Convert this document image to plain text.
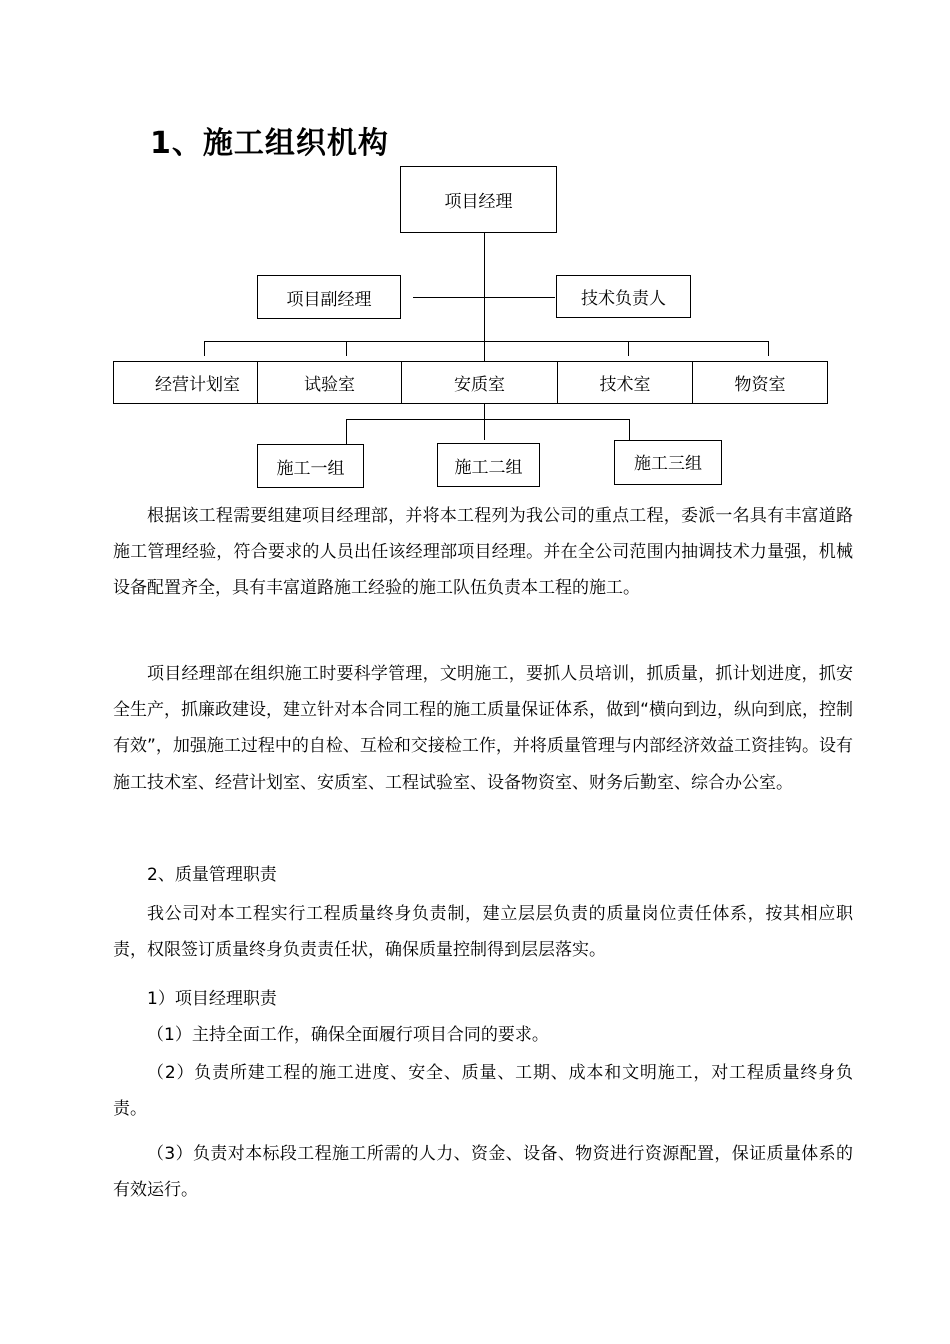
1、施工组织机构
项目经理
项目副经理	技术负责人
经营计划室	试验室	安质室	技术室	物资室
施工一组	施工二组	施工三组

根据该工程需要组建项目经理部，并将本工程列为我公司的重点工程，委派一名具有丰富道路施工管理经验，符合要求的人员出任该经理部项目经理。并在全公司范围内抽调技术力量强，机械设备配置齐全，具有丰富道路施工经验的施工队伍负责本工程的施工。

项目经理部在组织施工时要科学管理，文明施工，要抓人员培训，抓质量，抓计划进度，抓安全生产，抓廉政建设，建立针对本合同工程的施工质量保证体系，做到“横向到边，纵向到底，控制有效”，加强施工过程中的自检、互检和交接检工作，并将质量管理与内部经济效益工资挂钩。设有施工技术室、经营计划室、安质室、工程试验室、设备物资室、财务后勤室、综合办公室。

2、质量管理职责

我公司对本工程实行工程质量终身负责制，建立层层负责的质量岗位责任体系，按其相应职责，权限签订质量终身负责责任状，确保质量控制得到层层落实。

1）项目经理职责

（1）主持全面工作，确保全面履行项目合同的要求。

（2）负责所建工程的施工进度、安全、质量、工期、成本和文明施工，对工程质量终身负责。

（3）负责对本标段工程施工所需的人力、资金、设备、物资进行资源配置，保证质量体系的有效运行。
